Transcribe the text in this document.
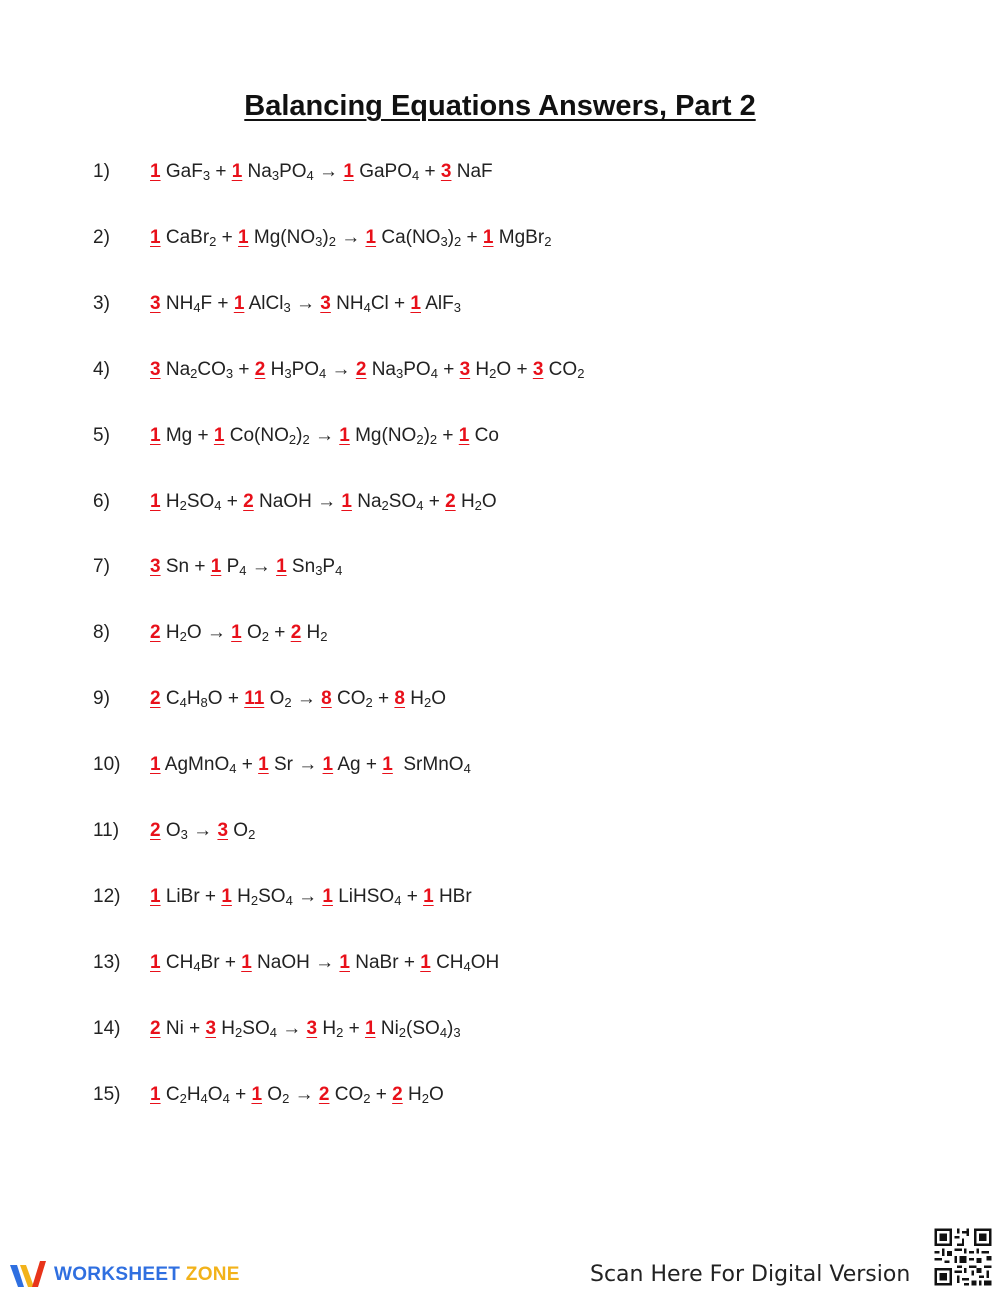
Balancing Equations Answers, Part 2
1) 1 GaF$_3$ + 1 $Na_3PO_4 \to 1$ GaPO$_4$ + 3 NaF
2) 1 CaBr$_2$ + 1 $Mg(NO_3)_2 \to 1$ $Ca(NO_3)_2 + 1$ MgBr$_2$
3) 3 $NH_4F + 1$ AlCl$_3$ → 3 $NH_4Cl + 1$ AlF$_3$
4) 3 $Na_2CO_3 + 2$ $H_3PO_4 \to 2$ $Na_3PO_4 + 3$ $H_2O + 3$ $CO_2$
5) 1 Mg + 1 $Co(NO_2)_2 \to 1$ $Mg(NO_2)_2 + 1$ Co
6) 1 $H_2SO_4 + 2$ NaOH → 1 $Na_2SO_4 + 2$ $H_2O$
7) 3 Sn + 1 $P_4 \to 1$ $Sn_3P_4$
8) 2 $H_2O \to 1$ $O_2 + 2$ $H_2$
9) 2 $C_4H_8O + 11$ $O_2 \to 8$ $CO_2 + 8$ $H_2O$
10) 1 AgMnO$_4$ + 1 Sr → 1 Ag + 1  SrMnO$_4$
11) 2 $O_3 \to 3$ $O_2$
12) 1 LiBr + 1 $H_2SO_4 \to 1$ LiHSO$_4$ + 1 HBr
13) 1 $CH_4Br + 1$ NaOH → 1 NaBr + 1 $CH_4OH$
14) 2 Ni + 3 $H_2SO_4 \to 3$ $H_2 + 1$ $Ni_2(SO_4)_3$
15) 1 $C_2H_4O_4 + 1$ $O_2 \to 2$ $CO_2 + 2$ $H_2O$
WORKSHEET ZONE	Scan Here For Digital Version
